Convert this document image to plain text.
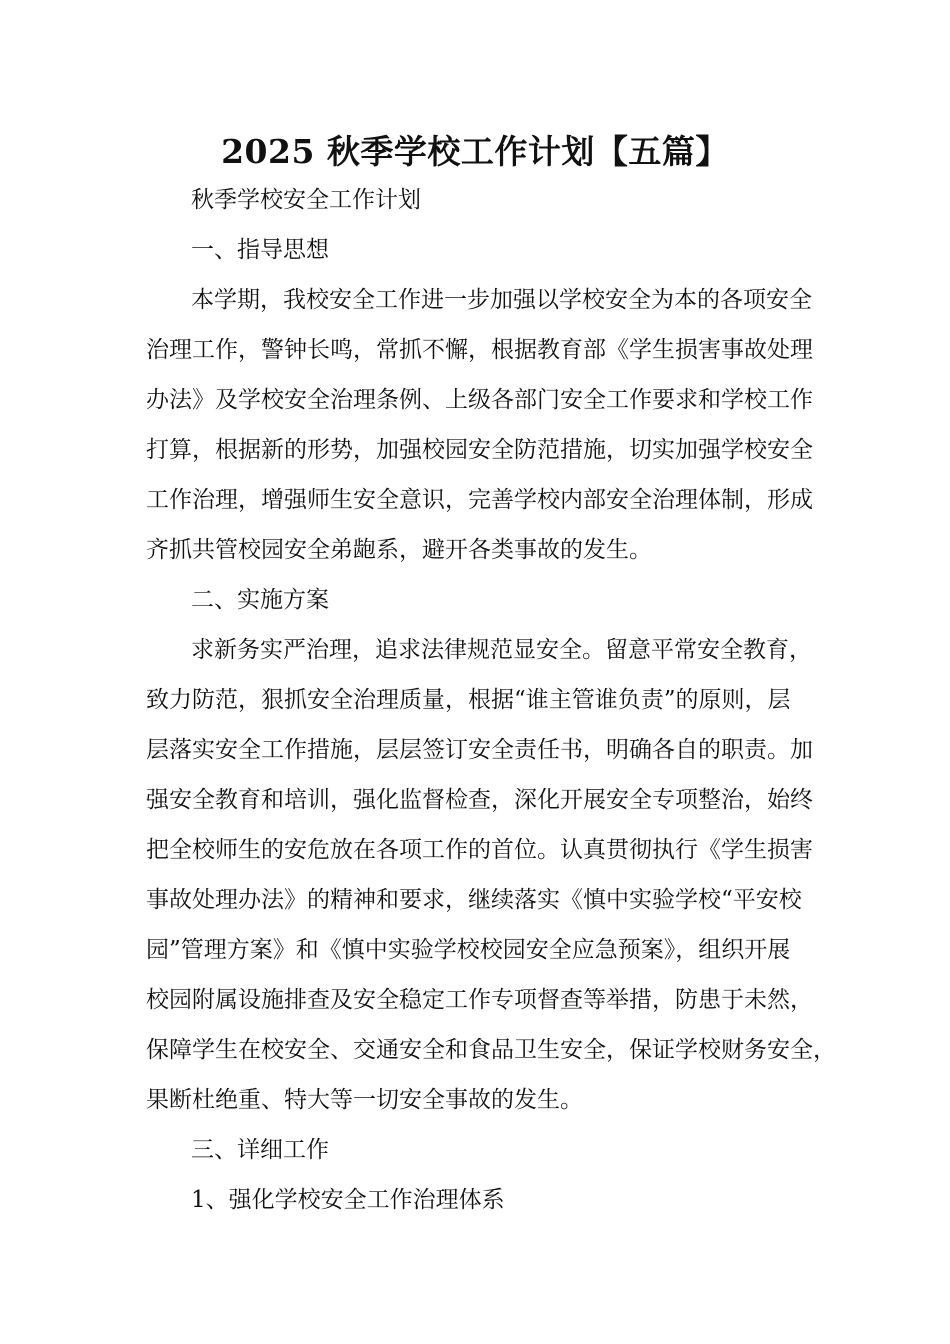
2025 秋季学校工作计划【五篇】
秋季学校安全工作计划
一、指导思想
本学期，我校安全工作进一步加强以学校安全为本的各项安全
治理工作，警钟长鸣，常抓不懈，根据教育部《学生损害事故处理
办法》及学校安全治理条例、上级各部门安全工作要求和学校工作
打算，根据新的形势，加强校园安全防范措施，切实加强学校安全
工作治理，增强师生安全意识，完善学校内部安全治理体制，形成
齐抓共管校园安全弟龅系，避开各类事故的发生。
二、实施方案
求新务实严治理，追求法律规范显安全。留意平常安全教育，
致力防范，狠抓安全治理质量，根据“谁主管谁负责”的原则，层
层落实安全工作措施，层层签订安全责任书，明确各自的职责。加
强安全教育和培训，强化监督检查，深化开展安全专项整治，始终
把全校师生的安危放在各项工作的首位。认真贯彻执行《学生损害
事故处理办法》的精神和要求，继续落实《慎中实验学校“平安校
园”管理方案》和《慎中实验学校校园安全应急预案》，组织开展
校园附属设施排查及安全稳定工作专项督查等举措，防患于未然，
保障学生在校安全、交通安全和食品卫生安全，保证学校财务安全，
果断杜绝重、特大等一切安全事故的发生。
三、详细工作
1、强化学校安全工作治理体系
